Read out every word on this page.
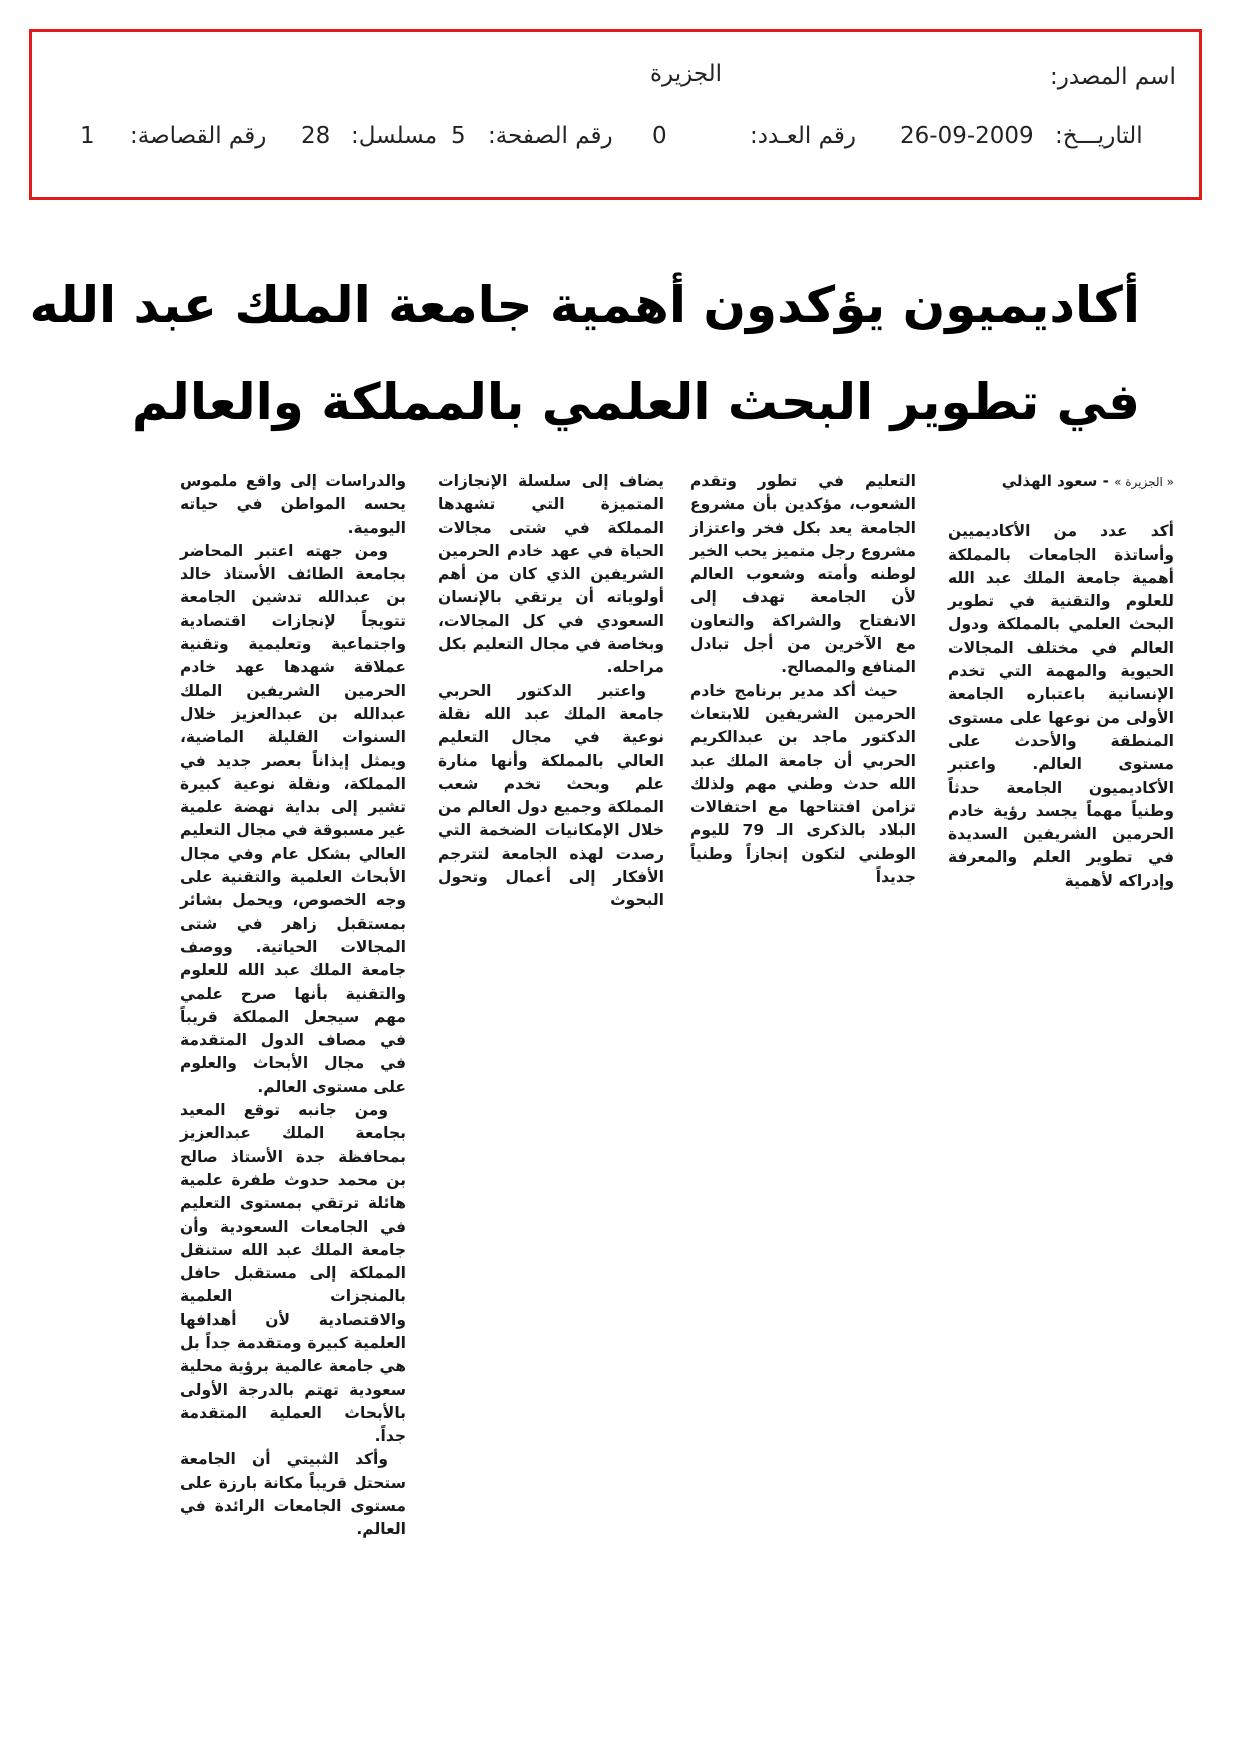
اسم المصدر:
الجزيرة
التاريـــخ:
26-09-2009
رقم العـدد:
0
رقم الصفحة:
5
مسلسل:
28
رقم القصاصة:
1
أكاديميون يؤكدون أهمية جامعة الملك عبد الله
في تطوير البحث العلمي بالمملكة والعالم
« الجزيرة » - سعود الهذلي

أكد عدد من الأكاديميين وأساتذة الجامعات بالمملكة أهمية جامعة الملك عبد الله للعلوم والتقنية في تطوير البحث العلمي بالمملكة ودول العالم في مختلف المجالات الحيوية والمهمة التي تخدم الإنسانية باعتباره الجامعة الأولى من نوعها على مستوى المنطقة والأحدث على مستوى العالم. واعتبر الأكاديميون الجامعة حدثاً وطنياً مهماً يجسد رؤية خادم الحرمين الشريفين السديدة في تطوير العلم والمعرفة وإدراكه لأهمية

التعليم في تطور وتقدم الشعوب، مؤكدين بأن مشروع الجامعة يعد بكل فخر واعتزاز مشروع رجل متميز يحب الخير لوطنه وأمته وشعوب العالم لأن الجامعة تهدف إلى الانفتاح والشراكة والتعاون مع الآخرين من أجل تبادل المنافع والمصالح.

حيث أكد مدير برنامج خادم الحرمين الشريفين للابتعاث الدكتور ماجد بن عبدالكريم الحربي أن جامعة الملك عبد الله حدث وطني مهم ولذلك تزامن افتتاحها مع احتفالات البلاد بالذكرى الـ 79 لليوم الوطني لتكون إنجازاً وطنياً جديداً

يضاف إلى سلسلة الإنجازات المتميزة التي تشهدها المملكة في شتى مجالات الحياة في عهد خادم الحرمين الشريفين الذي كان من أهم أولوياته أن يرتقي بالإنسان السعودي في كل المجالات، وبخاصة في مجال التعليم بكل مراحله.

واعتبر الدكتور الحربي جامعة الملك عبد الله نقلة نوعية في مجال التعليم العالي بالمملكة وأنها منارة علم وبحث تخدم شعب المملكة وجميع دول العالم من خلال الإمكانيات الضخمة التي رصدت لهذه الجامعة لتترجم الأفكار إلى أعمال وتحول البحوث

والدراسات إلى واقع ملموس يحسه المواطن في حياته اليومية.

ومن جهته اعتبر المحاضر بجامعة الطائف الأستاذ خالد بن عبدالله تدشين الجامعة تتويجاً لإنجازات اقتصادية واجتماعية وتعليمية وتقنية عملاقة شهدها عهد خادم الحرمين الشريفين الملك عبدالله بن عبدالعزيز خلال السنوات القليلة الماضية، ويمثل إيذاناً بعصر جديد في المملكة، ونقلة نوعية كبيرة تشير إلى بداية نهضة علمية غير مسبوقة في مجال التعليم العالي بشكل عام وفي مجال الأبحاث العلمية والتقنية على وجه الخصوص، ويحمل بشائر بمستقبل زاهر في شتى المجالات الحياتية. ووصف جامعة الملك عبد الله للعلوم والتقنية بأنها صرح علمي مهم سيجعل المملكة قريباً في مصاف الدول المتقدمة في مجال الأبحاث والعلوم على مستوى العالم.

ومن جانبه توقع المعيد بجامعة الملك عبدالعزيز بمحافظة جدة الأستاذ صالح بن محمد حدوث طفرة علمية هائلة ترتقي بمستوى التعليم في الجامعات السعودية وأن جامعة الملك عبد الله ستنقل المملكة إلى مستقبل حافل بالمنجزات العلمية والاقتصادية لأن أهدافها العلمية كبيرة ومتقدمة جداً بل هي جامعة عالمية برؤية محلية سعودية تهتم بالدرجة الأولى بالأبحاث العملية المتقدمة جداً.

وأكد الثبيتي أن الجامعة ستحتل قريباً مكانة بارزة على مستوى الجامعات الرائدة في العالم.
